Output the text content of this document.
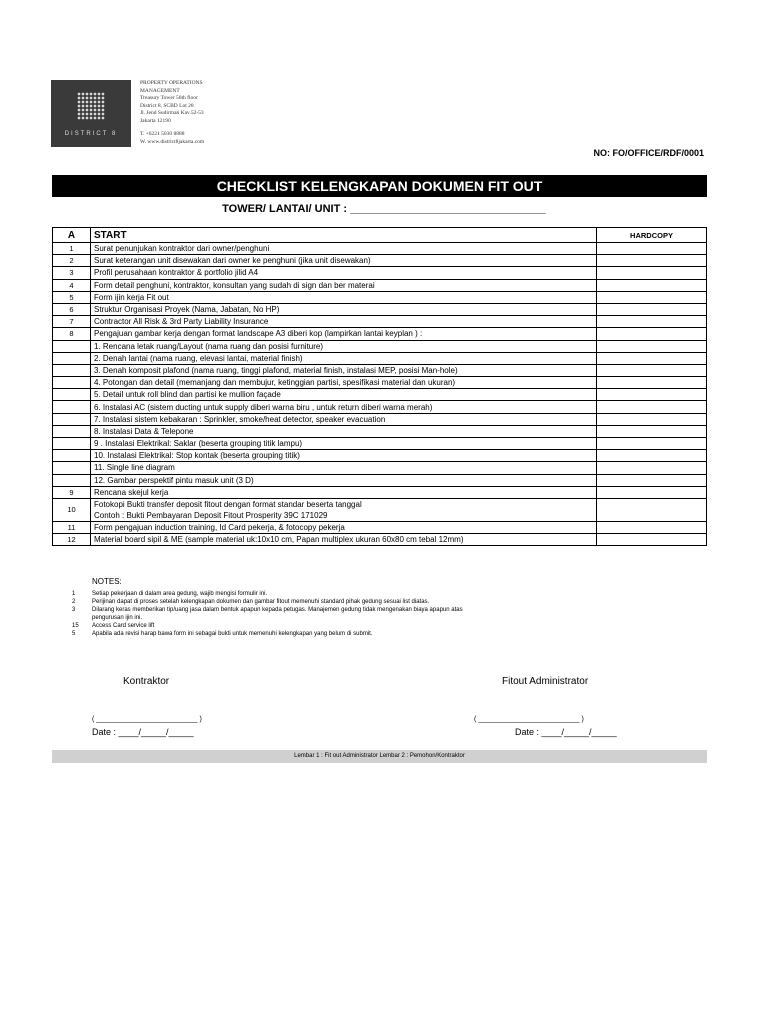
DISTRICT 8
PROPERTY OPERATIONS
MANAGEMENT
Treasury Tower 56th floor
District 8, SCBD Lot 28
Jl. Jend Sudirman Kav.52-53
Jakarta 12190
T. +6221 5030 8888
W. www.district8jakarta.com
NO: FO/OFFICE/RDF/0001
CHECKLIST KELENGKAPAN DOKUMEN FIT OUT
TOWER/ LANTAI/ UNIT : ________________________________
A	START	HARDCOPY
1	Surat penunjukan kontraktor dari owner/penghuni	
2	Surat keterangan unit disewakan dari owner ke penghuni (jika unit disewakan)	
3	Profil perusahaan kontraktor & portfolio jilid A4	
4	Form detail penghuni, kontraktor, konsultan yang sudah di sign dan ber materai	
5	Form ijin kerja Fit out	
6	Struktur Organisasi Proyek (Nama, Jabatan, No HP)	
7	Contractor All Risk & 3rd Party Liability Insurance	
8	Pengajuan gambar kerja dengan format landscape A3 diberi kop (lampirkan lantai keyplan ) :	
	1. Rencana letak ruang/Layout (nama ruang dan posisi furniture)	
	2. Denah lantai (nama ruang, elevasi lantai, material finish)	
	3. Denah komposit plafond (nama ruang, tinggi plafond, material finish, instalasi MEP, posisi Man-hole)	
	4. Potongan dan detail (memanjang dan membujur, ketinggian partisi, spesifikasi material dan ukuran)	
	5. Detail untuk roll blind dan partisi ke mullion façade	
	6. Instalasi AC (sistem ducting untuk supply diberi warna biru , untuk return diberi warna merah)	
	7. Instalasi sistem kebakaran : Sprinkler, smoke/heat detector, speaker evacuation	
	8. Instalasi Data & Telepone	
	9 . Instalasi Elektrikal: Saklar (beserta grouping titik lampu)	
	10. Instalasi Elektrikal: Stop kontak (beserta grouping titik)	
	11. Single line diagram	
	12. Gambar perspektif pintu masuk unit (3 D)	
9	Rencana skejul kerja	
10	Fotokopi Bukti transfer deposit fitout dengan format standar beserta tanggal
Contoh : Bukti Pembayaran Deposit Fitout Prosperity 39C 171029	

11	Form pengajuan induction training, Id Card pekerja, & fotocopy pekerja	
12	Material board sipil & ME (sample material uk:10x10 cm, Papan multiplex ukuran 60x80 cm tebal 12mm)	
NOTES:
1	Setiap pekerjaan di dalam area gedung, wajib mengisi formulir ini.
2	Perijinan dapat di proses setelah kelengkapan dokumen dan gambar fitout memenuhi standard pihak gedung sesuai list diatas.
3	Dilarang keras memberikan tip/uang jasa dalam bentuk apapun kepada petugas. Manajemen gedung tidak mengenakan biaya apapun atas
pengurusan ijin ini.
15	Access Card service lift
5	Apabila ada revisi harap bawa form ini sebagai bukti untuk memenuhi kelengkapan yang belum di submit.
Kontraktor	Fitout Administrator
( __________________________ )	( __________________________ )
Date : ____/_____/_____	Date : ____/_____/_____
Lembar 1 : Fit out Administrator Lembar 2 : Pemohon/Kontraktor
